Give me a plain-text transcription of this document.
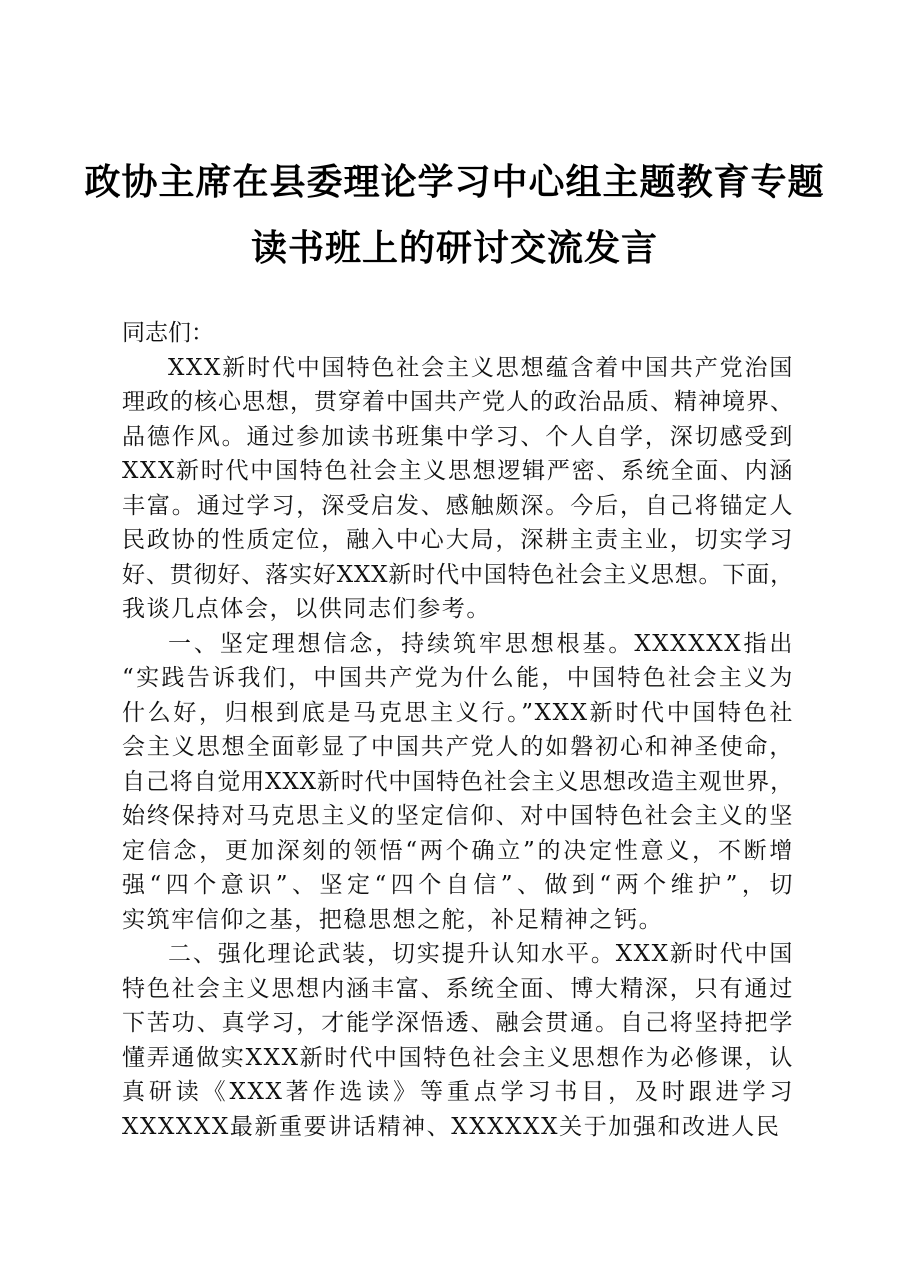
政协主席在县委理论学习中心组主题教育专题
读书班上的研讨交流发言

同志们：

XXX新时代中国特色社会主义思想蕴含着中国共产党治国
理政的核心思想，贯穿着中国共产党人的政治品质、精神境界、
品德作风。通过参加读书班集中学习、个人自学，深切感受到
XXX新时代中国特色社会主义思想逻辑严密、系统全面、内涵
丰富。通过学习，深受启发、感触颇深。今后，自己将锚定人
民政协的性质定位，融入中心大局，深耕主责主业，切实学习
好、贯彻好、落实好XXX新时代中国特色社会主义思想。下面，
我谈几点体会，以供同志们参考。
一、坚定理想信念，持续筑牢思想根基。XXXXXX指出
“实践告诉我们，中国共产党为什么能，中国特色社会主义为
什么好，归根到底是马克思主义行。”XXX新时代中国特色社
会主义思想全面彰显了中国共产党人的如磐初心和神圣使命，
自己将自觉用XXX新时代中国特色社会主义思想改造主观世界，
始终保持对马克思主义的坚定信仰、对中国特色社会主义的坚
定信念，更加深刻的领悟“两个确立”的决定性意义，不断增
强“四个意识”、坚定“四个自信”、做到“两个维护”，切
实筑牢信仰之基，把稳思想之舵，补足精神之钙。
二、强化理论武装，切实提升认知水平。XXX新时代中国
特色社会主义思想内涵丰富、系统全面、博大精深，只有通过
下苦功、真学习，才能学深悟透、融会贯通。自己将坚持把学
懂弄通做实XXX新时代中国特色社会主义思想作为必修课，认
真研读《XXX著作选读》等重点学习书目，及时跟进学习
XXXXXX最新重要讲话精神、XXXXXX关于加强和改进人民
